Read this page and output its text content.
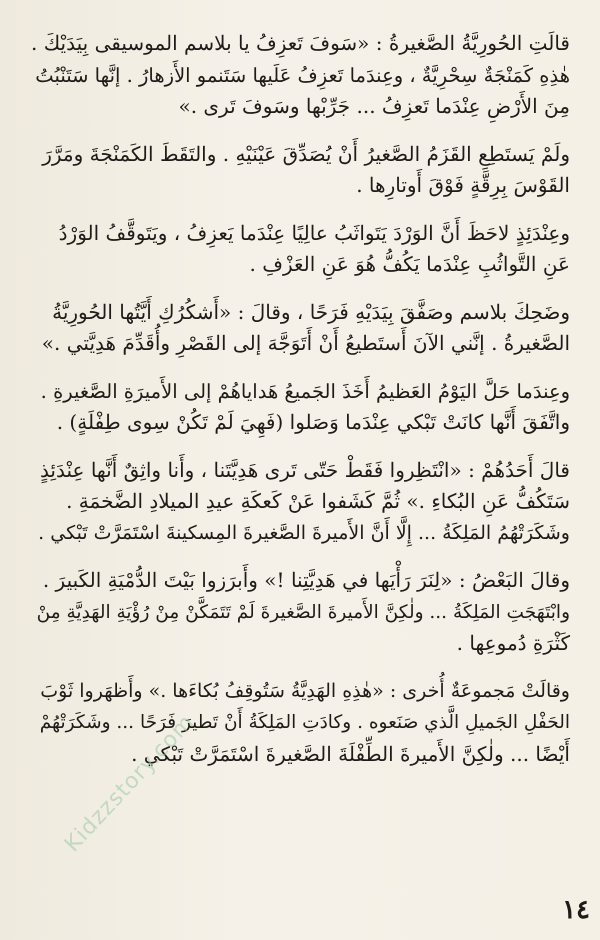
قالَتِ الحُورِيَّةُ الصَّغيرةُ : «سَوفَ تَعزِفُ يا بلاسم الموسيقى بِيَدَيْكَ .
هٰذِهِ كَمَنْجَةٌ سِحْرِيَّةٌ ، وعِندَما تَعزِفُ عَلَيها سَتَنمو الأَزهارُ . إنَّها سَتَنْبُتُ
مِنَ الأَرْضِ عِنْدَما تَعزِفُ ... جَرِّبْها وسَوفَ تَرى .»

ولَمْ يَستَطِعِ القَزَمُ الصَّغيرُ أَنْ يُصَدِّقَ عَيْنَيْهِ . والتَقَطَ الكَمَنْجَةَ ومَرَّرَ
القَوْسَ بِرِقَّةٍ فَوْقَ أَوتارِها .

وعِنْدَئِذٍ لاحَظَ أَنَّ الوَرْدَ يَتَواثَبُ عالِيًا عِنْدَما يَعزِفُ ، ويَتَوقَّفُ الوَرْدُ
عَنِ التَّواثُبِ عِنْدَما يَكُفُّ هُوَ عَنِ العَزْفِ .

وضَحِكَ بلاسم وصَفَّقَ بِيَدَيْهِ فَرَحًا ، وقالَ : «أَشكُرُكِ أَيَّتُها الحُورِيَّةُ
الصَّغيرةُ . إنَّني الآنَ أَستَطيعُ أَنْ أَتَوَجَّهَ إلى القَصْرِ وأُقَدِّمَ هَدِيَّتي .»

وعِندَما حَلَّ اليَوْمُ العَظيمُ أَخَذَ الجَميعُ هَداياهُمْ إلى الأَميرَةِ الصَّغيرةِ .
واتَّفَقَ أَنَّها كانَتْ تَبْكي عِنْدَما وَصَلوا (فَهِيَ لَمْ تَكُنْ سِوى طِفْلَةٍ) .

قالَ أَحَدُهُمْ : «انْتَظِروا فَقَطْ حَتّى تَرى هَدِيَّتَنا ، وأَنا واثِقٌ أَنَّها عِنْدَئِذٍ
سَتَكُفُّ عَنِ البُكاءِ .» ثُمَّ كَشَفوا عَنْ كَعكَةِ عيدِ الميلادِ الضَّخمَةِ .
وشَكَرَتْهُمُ المَلِكَةُ ... إِلَّا أَنَّ الأَميرةَ الصَّغيرةَ المِسكينةَ اسْتَمَرَّتْ تَبْكي .

وقالَ البَعْضُ : «لِنَرَ رَأْيَها في هَدِيَّتِنا !» وأَبرَزوا بَيْتَ الدُّمْيَةِ الكَبيرَ .
وابْتَهَجَتِ المَلِكَةُ ... ولٰكِنَّ الأَميرةَ الصَّغيرةَ لَمْ تَتَمَكَّنْ مِنْ رُؤْيَةِ الهَدِيَّةِ مِنْ
كَثْرَةِ دُموعِها .

وقالَتْ مَجموعَةٌ أُخرى : «هٰذِهِ الهَدِيَّةُ سَتُوقِفُ بُكاءَها .» وأَظهَروا ثَوْبَ
الحَفْلِ الجَميلِ الَّذي صَنَعوه . وكادَتِ المَلِكَةُ أَنْ تَطيرَ فَرَحًا ... وشَكَرَتْهُمْ
أَيْضًا ... ولٰكِنَّ الأَميرةَ الطِّفْلَةَ الصَّغيرةَ اسْتَمَرَّتْ تَبْكي .

Kidzzstory.com
١٤
